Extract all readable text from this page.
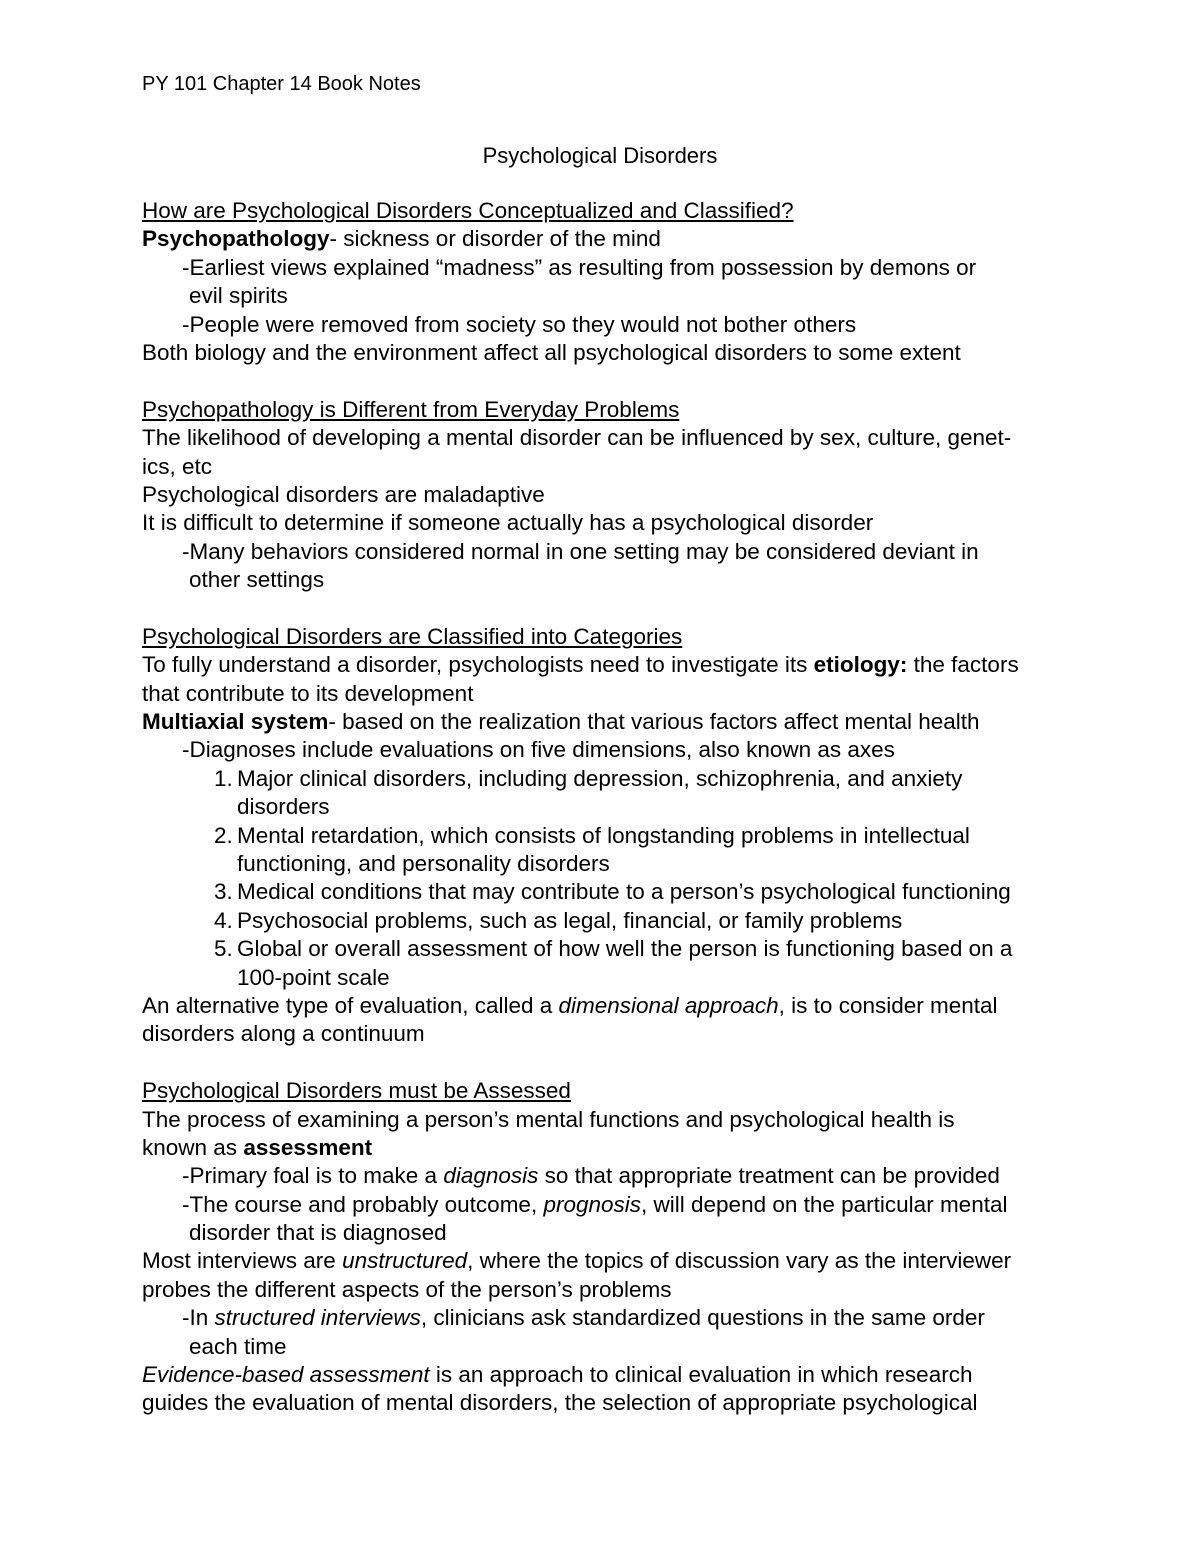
PY 101 Chapter 14 Book Notes
Psychological Disorders
How are Psychological Disorders Conceptualized and Classified?
Psychopathology- sickness or disorder of the mind
-Earliest views explained “madness” as resulting from possession by demons or
evil spirits
-People were removed from society so they would not bother others
Both biology and the environment affect all psychological disorders to some extent
Psychopathology is Different from Everyday Problems
The likelihood of developing a mental disorder can be influenced by sex, culture, genet-
ics, etc
Psychological disorders are maladaptive
It is difficult to determine if someone actually has a psychological disorder
-Many behaviors considered normal in one setting may be considered deviant in
other settings
Psychological Disorders are Classified into Categories
To fully understand a disorder, psychologists need to investigate its etiology: the factors
that contribute to its development
Multiaxial system- based on the realization that various factors affect mental health
-Diagnoses include evaluations on five dimensions, also known as axes
1. Major clinical disorders, including depression, schizophrenia, and anxiety
disorders
2. Mental retardation, which consists of longstanding problems in intellectual
functioning, and personality disorders
3. Medical conditions that may contribute to a person’s psychological functioning
4. Psychosocial problems, such as legal, financial, or family problems
5. Global or overall assessment of how well the person is functioning based on a
100-point scale
An alternative type of evaluation, called a dimensional approach, is to consider mental
disorders along a continuum
Psychological Disorders must be Assessed
The process of examining a person’s mental functions and psychological health is
known as assessment
-Primary foal is to make a diagnosis so that appropriate treatment can be provided
-The course and probably outcome, prognosis, will depend on the particular mental
disorder that is diagnosed
Most interviews are unstructured, where the topics of discussion vary as the interviewer
probes the different aspects of the person’s problems
-In structured interviews, clinicians ask standardized questions in the same order
each time
Evidence-based assessment is an approach to clinical evaluation in which research
guides the evaluation of mental disorders, the selection of appropriate psychological
